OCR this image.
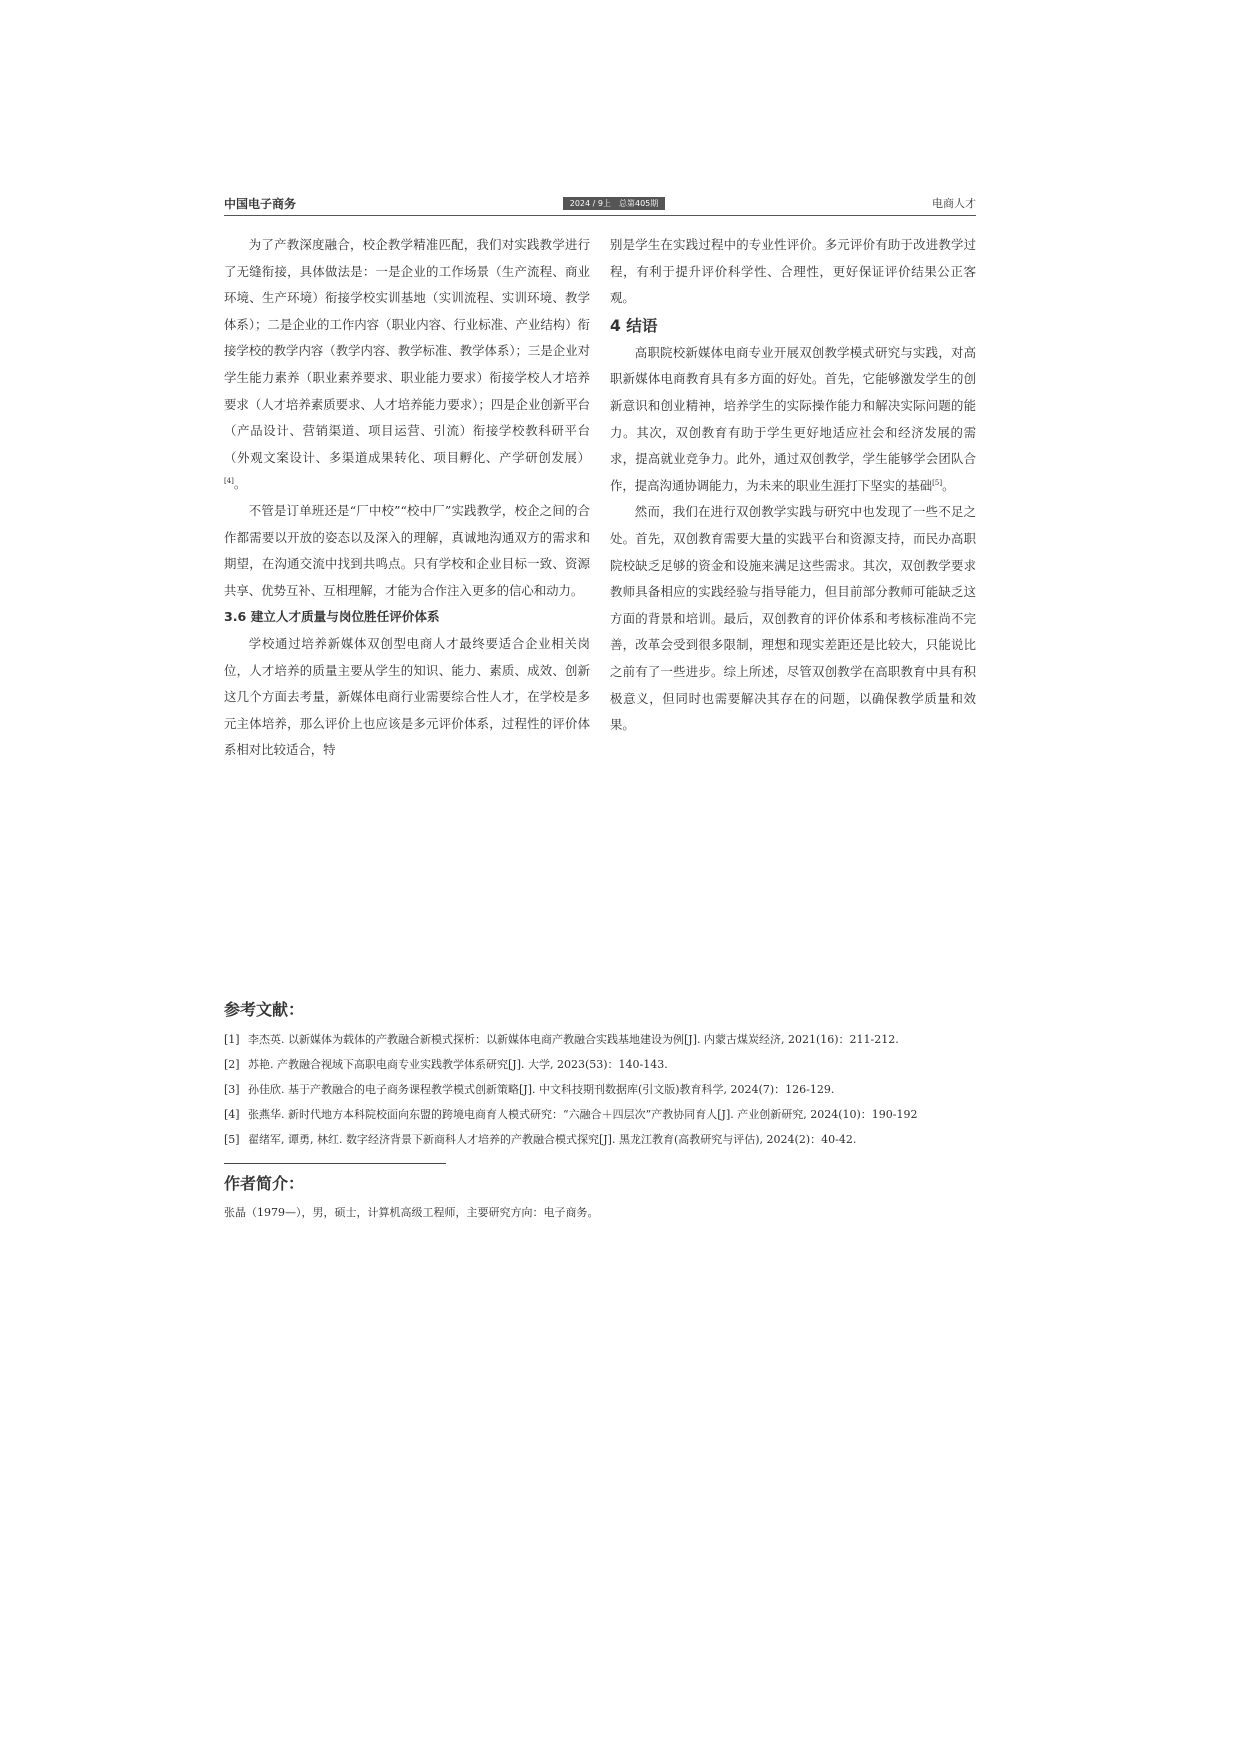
中国电子商务	2024 / 9上　总第405期	电商人才

为了产教深度融合，校企教学精准匹配，我们对实践教学进行了无缝衔接，具体做法是：一是企业的工作场景（生产流程、商业环境、生产环境）衔接学校实训基地（实训流程、实训环境、教学体系）；二是企业的工作内容（职业内容、行业标准、产业结构）衔接学校的教学内容（教学内容、教学标准、教学体系）；三是企业对学生能力素养（职业素养要求、职业能力要求）衔接学校人才培养要求（人才培养素质要求、人才培养能力要求）；四是企业创新平台（产品设计、营销渠道、项目运营、引流）衔接学校教科研平台（外观文案设计、多渠道成果转化、项目孵化、产学研创发展）[4]。

不管是订单班还是“厂中校”“校中厂”实践教学，校企之间的合作都需要以开放的姿态以及深入的理解，真诚地沟通双方的需求和期望，在沟通交流中找到共鸣点。只有学校和企业目标一致、资源共享、优势互补、互相理解，才能为合作注入更多的信心和动力。

3.6 建立人才质量与岗位胜任评价体系

学校通过培养新媒体双创型电商人才最终要适合企业相关岗位，人才培养的质量主要从学生的知识、能力、素质、成效、创新这几个方面去考量，新媒体电商行业需要综合性人才，在学校是多元主体培养，那么评价上也应该是多元评价体系，过程性的评价体系相对比较适合，特

别是学生在实践过程中的专业性评价。多元评价有助于改进教学过程，有利于提升评价科学性、合理性，更好保证评价结果公正客观。

4 结语

高职院校新媒体电商专业开展双创教学模式研究与实践，对高职新媒体电商教育具有多方面的好处。首先，它能够激发学生的创新意识和创业精神，培养学生的实际操作能力和解决实际问题的能力。其次，双创教育有助于学生更好地适应社会和经济发展的需求，提高就业竞争力。此外，通过双创教学，学生能够学会团队合作，提高沟通协调能力，为未来的职业生涯打下坚实的基础[5]。

然而，我们在进行双创教学实践与研究中也发现了一些不足之处。首先，双创教育需要大量的实践平台和资源支持，而民办高职院校缺乏足够的资金和设施来满足这些需求。其次，双创教学要求教师具备相应的实践经验与指导能力，但目前部分教师可能缺乏这方面的背景和培训。最后，双创教育的评价体系和考核标准尚不完善，改革会受到很多限制，理想和现实差距还是比较大，只能说比之前有了一些进步。综上所述，尽管双创教学在高职教育中具有积极意义，但同时也需要解决其存在的问题，以确保教学质量和效果。

参考文献：
[1] 李杰英. 以新媒体为载体的产教融合新模式探析：以新媒体电商产教融合实践基地建设为例[J]. 内蒙古煤炭经济, 2021(16)：211-212.
[2] 苏艳. 产教融合视域下高职电商专业实践教学体系研究[J]. 大学, 2023(53)：140-143.
[3] 孙佳欣. 基于产教融合的电子商务课程教学模式创新策略[J]. 中文科技期刊数据库(引文版)教育科学, 2024(7)：126-129.
[4] 张燕华. 新时代地方本科院校面向东盟的跨境电商育人模式研究：“六融合＋四层次”产教协同育人[J]. 产业创新研究, 2024(10)：190-192
[5] 翟绪军, 谭勇, 林红. 数字经济背景下新商科人才培养的产教融合模式探究[J]. 黑龙江教育(高教研究与评估), 2024(2)：40-42.
作者简介：
张晶（1979—），男，硕士，计算机高级工程师，主要研究方向：电子商务。
